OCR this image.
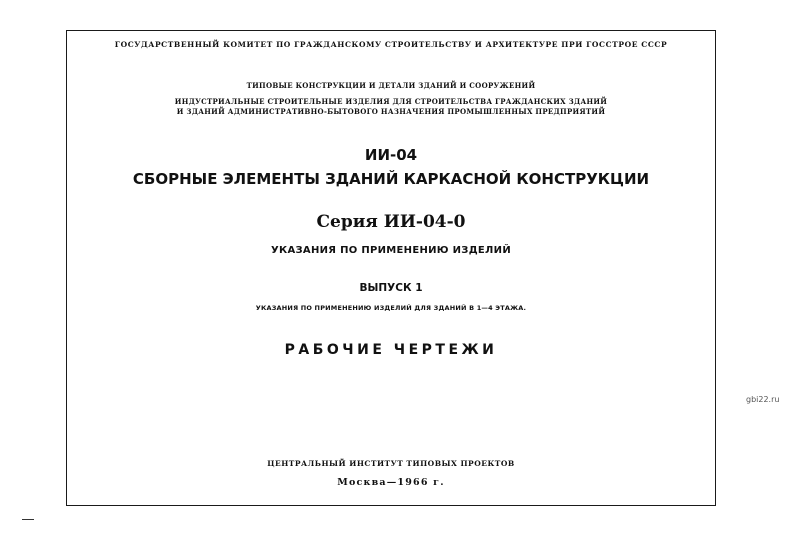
ГОСУДАРСТВЕННЫЙ КОМИТЕТ ПО ГРАЖДАНСКОМУ СТРОИТЕЛЬСТВУ И АРХИТЕКТУРЕ ПРИ ГОССТРОЕ СССР
ТИПОВЫЕ КОНСТРУКЦИИ И ДЕТАЛИ ЗДАНИЙ И СООРУЖЕНИЙ
ИНДУСТРИАЛЬНЫЕ СТРОИТЕЛЬНЫЕ ИЗДЕЛИЯ ДЛЯ СТРОИТЕЛЬСТВА ГРАЖДАНСКИХ ЗДАНИЙ
И ЗДАНИЙ АДМИНИСТРАТИВНО-БЫТОВОГО НАЗНАЧЕНИЯ ПРОМЫШЛЕННЫХ ПРЕДПРИЯТИЙ
ИИ-04
СБОРНЫЕ ЭЛЕМЕНТЫ ЗДАНИЙ КАРКАСНОЙ КОНСТРУКЦИИ
Серия ИИ-04-0
УКАЗАНИЯ ПО ПРИМЕНЕНИЮ ИЗДЕЛИЙ
ВЫПУСК 1
УКАЗАНИЯ ПО ПРИМЕНЕНИЮ ИЗДЕЛИЙ ДЛЯ ЗДАНИЙ В 1—4 ЭТАЖА.
РАБОЧИЕ ЧЕРТЕЖИ
ЦЕНТРАЛЬНЫЙ ИНСТИТУТ ТИПОВЫХ ПРОЕКТОВ
Москва—1966 г.
gbi22.ru
